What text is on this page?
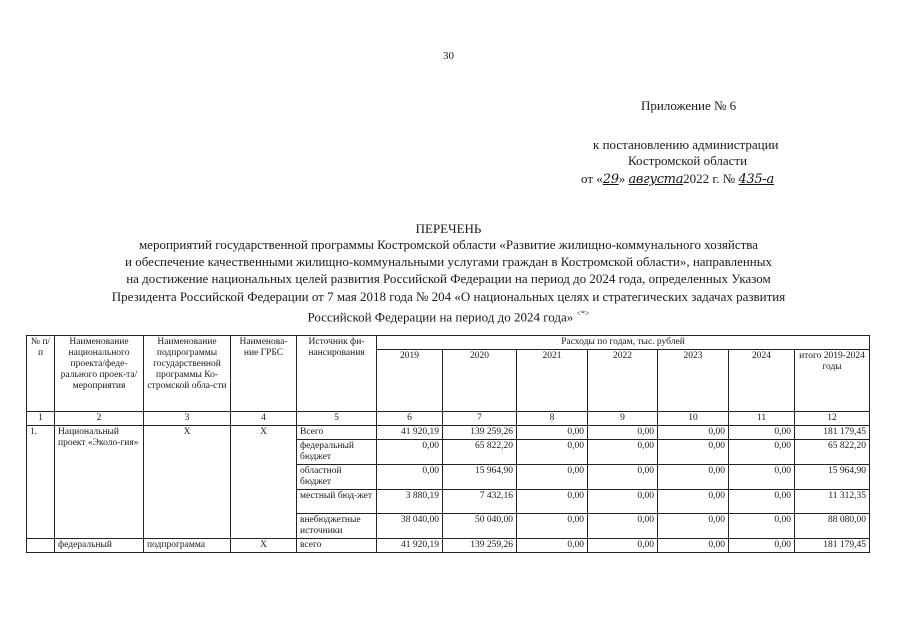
30
Приложение № 6
к постановлению администрации
Костромской области
от «29» августа2022 г. № 435-а
ПЕРЕЧЕНЬ
мероприятий государственной программы Костромской области «Развитие жилищно-коммунального хозяйства
и обеспечение качественными жилищно-коммунальными услугами граждан в Костромской области», направленных
на достижение национальных целей развития Российской Федерации на период до 2024 года, определенных Указом
Президента Российской Федерации от 7 мая 2018 года № 204 «О национальных целях и стратегических задачах развития
Российской Федерации на период до 2024 года» <*>
№ п/п	Наименование национального проекта/феде-рального проек-та/мероприятия	Наименование подпрограммы государственной программы Ко-стромской обла-сти	Наименова-ние ГРБС	Источник фи-нансирования	Расходы по годам, тыс. рублей						
					2019	2020	2021	2022	2023	2024	итого 2019-2024 годы
1	2	3	4	5	6	7	8	9	10	11	12
1.	Национальный проект «Эколо-гия»	Х	Х	Всего	41 920,19	139 259,26	0,00	0,00	0,00	0,00	181 179,45
				федеральный бюджет	0,00	65 822,20	0,00	0,00	0,00	0,00	65 822,20
				областной бюджет	0,00	15 964,90	0,00	0,00	0,00	0,00	15 964,90
				местный бюд-жет	3 880,19	7 432,16	0,00	0,00	0,00	0,00	11 312,35
				внебюджетные источники	38 040,00	50 040,00	0,00	0,00	0,00	0,00	88 080,00
	федеральный	подпрограмма	Х	всего	41 920,19	139 259,26	0,00	0,00	0,00	0,00	181 179,45
